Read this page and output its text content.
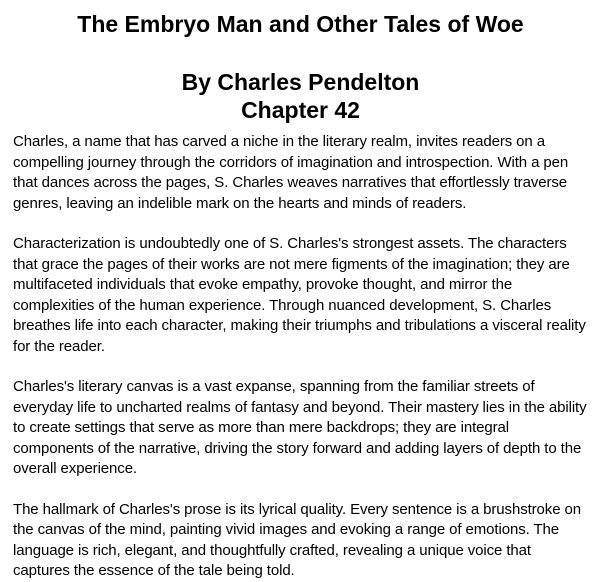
The Embryo Man and Other Tales of Woe
By Charles Pendelton
Chapter 42

Charles, a name that has carved a niche in the literary realm, invites readers on a compelling journey through the corridors of imagination and introspection. With a pen that dances across the pages, S. Charles weaves narratives that effortlessly traverse genres, leaving an indelible mark on the hearts and minds of readers.

Characterization is undoubtedly one of S. Charles's strongest assets. The characters that grace the pages of their works are not mere figments of the imagination; they are multifaceted individuals that evoke empathy, provoke thought, and mirror the complexities of the human experience. Through nuanced development, S. Charles breathes life into each character, making their triumphs and tribulations a visceral reality for the reader.

Charles's literary canvas is a vast expanse, spanning from the familiar streets of everyday life to uncharted realms of fantasy and beyond. Their mastery lies in the ability to create settings that serve as more than mere backdrops; they are integral components of the narrative, driving the story forward and adding layers of depth to the overall experience.

The hallmark of Charles's prose is its lyrical quality. Every sentence is a brushstroke on the canvas of the mind, painting vivid images and evoking a range of emotions. The language is rich, elegant, and thoughtfully crafted, revealing a unique voice that captures the essence of the tale being told.
